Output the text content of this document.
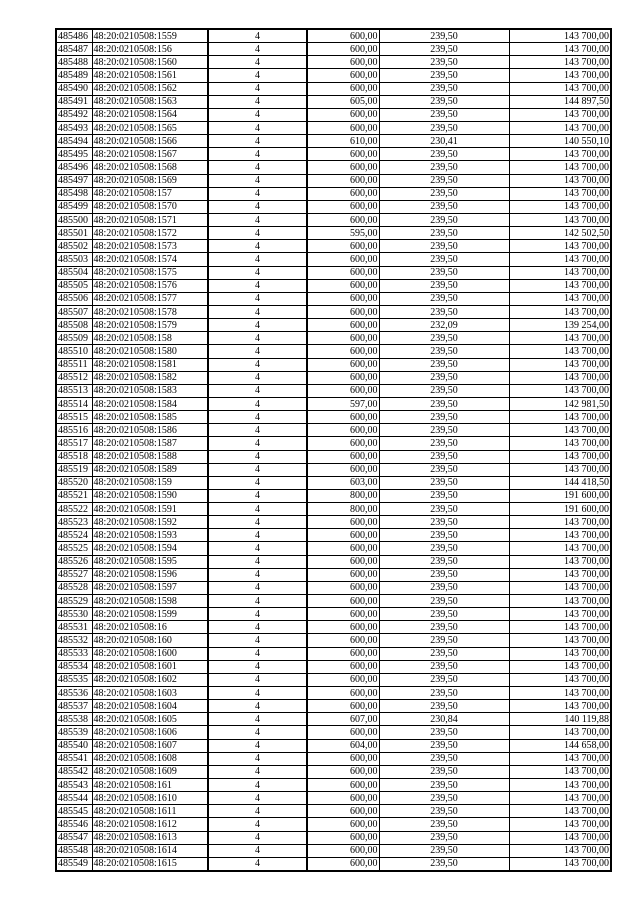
485486	48:20:0210508:1559	4	600,00	239,50	143 700,00
485487	48:20:0210508:156	4	600,00	239,50	143 700,00
485488	48:20:0210508:1560	4	600,00	239,50	143 700,00
485489	48:20:0210508:1561	4	600,00	239,50	143 700,00
485490	48:20:0210508:1562	4	600,00	239,50	143 700,00
485491	48:20:0210508:1563	4	605,00	239,50	144 897,50
485492	48:20:0210508:1564	4	600,00	239,50	143 700,00
485493	48:20:0210508:1565	4	600,00	239,50	143 700,00
485494	48:20:0210508:1566	4	610,00	230,41	140 550,10
485495	48:20:0210508:1567	4	600,00	239,50	143 700,00
485496	48:20:0210508:1568	4	600,00	239,50	143 700,00
485497	48:20:0210508:1569	4	600,00	239,50	143 700,00
485498	48:20:0210508:157	4	600,00	239,50	143 700,00
485499	48:20:0210508:1570	4	600,00	239,50	143 700,00
485500	48:20:0210508:1571	4	600,00	239,50	143 700,00
485501	48:20:0210508:1572	4	595,00	239,50	142 502,50
485502	48:20:0210508:1573	4	600,00	239,50	143 700,00
485503	48:20:0210508:1574	4	600,00	239,50	143 700,00
485504	48:20:0210508:1575	4	600,00	239,50	143 700,00
485505	48:20:0210508:1576	4	600,00	239,50	143 700,00
485506	48:20:0210508:1577	4	600,00	239,50	143 700,00
485507	48:20:0210508:1578	4	600,00	239,50	143 700,00
485508	48:20:0210508:1579	4	600,00	232,09	139 254,00
485509	48:20:0210508:158	4	600,00	239,50	143 700,00
485510	48:20:0210508:1580	4	600,00	239,50	143 700,00
485511	48:20:0210508:1581	4	600,00	239,50	143 700,00
485512	48:20:0210508:1582	4	600,00	239,50	143 700,00
485513	48:20:0210508:1583	4	600,00	239,50	143 700,00
485514	48:20:0210508:1584	4	597,00	239,50	142 981,50
485515	48:20:0210508:1585	4	600,00	239,50	143 700,00
485516	48:20:0210508:1586	4	600,00	239,50	143 700,00
485517	48:20:0210508:1587	4	600,00	239,50	143 700,00
485518	48:20:0210508:1588	4	600,00	239,50	143 700,00
485519	48:20:0210508:1589	4	600,00	239,50	143 700,00
485520	48:20:0210508:159	4	603,00	239,50	144 418,50
485521	48:20:0210508:1590	4	800,00	239,50	191 600,00
485522	48:20:0210508:1591	4	800,00	239,50	191 600,00
485523	48:20:0210508:1592	4	600,00	239,50	143 700,00
485524	48:20:0210508:1593	4	600,00	239,50	143 700,00
485525	48:20:0210508:1594	4	600,00	239,50	143 700,00
485526	48:20:0210508:1595	4	600,00	239,50	143 700,00
485527	48:20:0210508:1596	4	600,00	239,50	143 700,00
485528	48:20:0210508:1597	4	600,00	239,50	143 700,00
485529	48:20:0210508:1598	4	600,00	239,50	143 700,00
485530	48:20:0210508:1599	4	600,00	239,50	143 700,00
485531	48:20:0210508:16	4	600,00	239,50	143 700,00
485532	48:20:0210508:160	4	600,00	239,50	143 700,00
485533	48:20:0210508:1600	4	600,00	239,50	143 700,00
485534	48:20:0210508:1601	4	600,00	239,50	143 700,00
485535	48:20:0210508:1602	4	600,00	239,50	143 700,00
485536	48:20:0210508:1603	4	600,00	239,50	143 700,00
485537	48:20:0210508:1604	4	600,00	239,50	143 700,00
485538	48:20:0210508:1605	4	607,00	230,84	140 119,88
485539	48:20:0210508:1606	4	600,00	239,50	143 700,00
485540	48:20:0210508:1607	4	604,00	239,50	144 658,00
485541	48:20:0210508:1608	4	600,00	239,50	143 700,00
485542	48:20:0210508:1609	4	600,00	239,50	143 700,00
485543	48:20:0210508:161	4	600,00	239,50	143 700,00
485544	48:20:0210508:1610	4	600,00	239,50	143 700,00
485545	48:20:0210508:1611	4	600,00	239,50	143 700,00
485546	48:20:0210508:1612	4	600,00	239,50	143 700,00
485547	48:20:0210508:1613	4	600,00	239,50	143 700,00
485548	48:20:0210508:1614	4	600,00	239,50	143 700,00
485549	48:20:0210508:1615	4	600,00	239,50	143 700,00
